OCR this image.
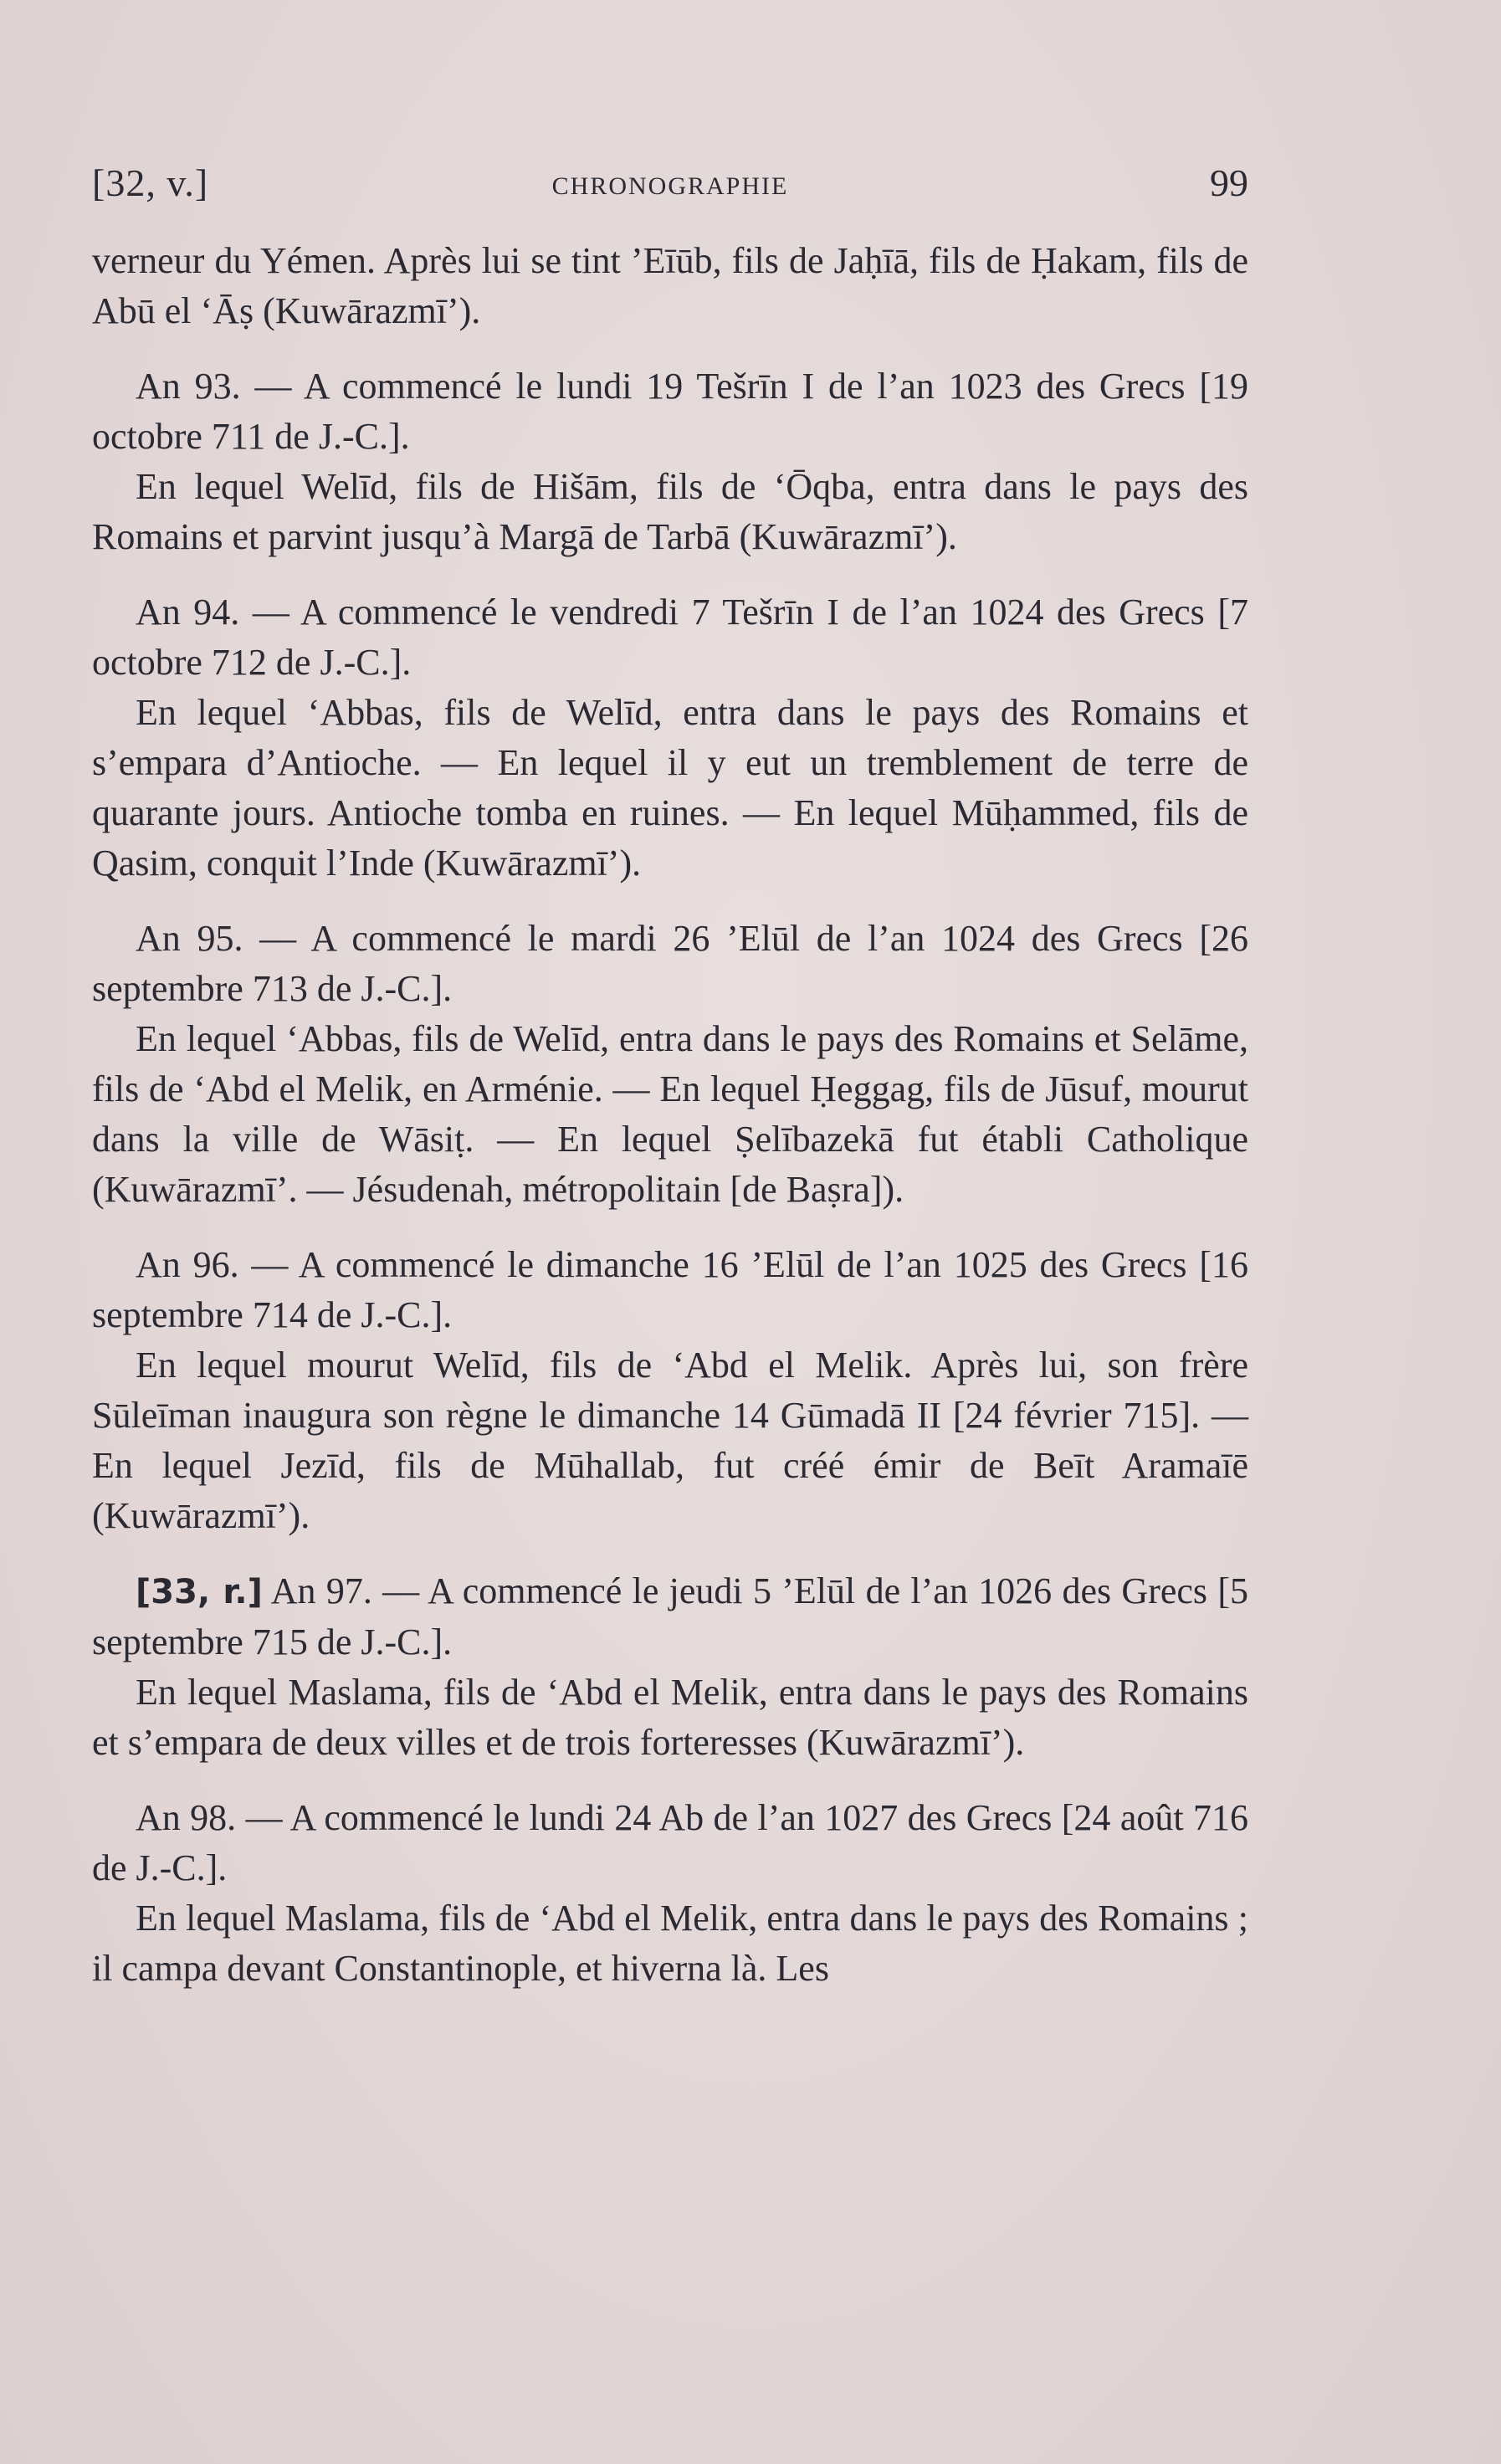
[32, v.]	CHRONOGRAPHIE	99

verneur du Yémen. Après lui se tint ’Eīūb, fils de Jaḥīā, fils de Ḥakam, fils de Abū el ‘Āṣ (Kuwārazmī’).

An 93. — A commencé le lundi 19 Tešrīn I de l’an 1023 des Grecs [19 octobre 711 de J.-C.].
En lequel Welīd, fils de Hišām, fils de ‘Ōqba, entra dans le pays des Romains et parvint jusqu’à Margā de Tarbā (Kuwārazmī’).

An 94. — A commencé le vendredi 7 Tešrīn I de l’an 1024 des Grecs [7 octobre 712 de J.-C.].
En lequel ‘Abbas, fils de Welīd, entra dans le pays des Romains et s’empara d’Antioche. — En lequel il y eut un tremblement de terre de quarante jours. Antioche tomba en ruines. — En lequel Mūḥammed, fils de Qasim, conquit l’Inde (Kuwārazmī’).

An 95. — A commencé le mardi 26 ’Elūl de l’an 1024 des Grecs [26 septembre 713 de J.-C.].
En lequel ‘Abbas, fils de Welīd, entra dans le pays des Romains et Selāme, fils de ‘Abd el Melik, en Arménie. — En lequel Ḥeggag, fils de Jūsuf, mourut dans la ville de Wāsiṭ. — En lequel Ṣelībazekā fut établi Catholique (Kuwārazmī’. — Jésudenah, métropolitain [de Baṣra]).

An 96. — A commencé le dimanche 16 ’Elūl de l’an 1025 des Grecs [16 septembre 714 de J.-C.].
En lequel mourut Welīd, fils de ‘Abd el Melik. Après lui, son frère Sūleīman inaugura son règne le dimanche 14 Gūmadā II [24 février 715]. — En lequel Jezīd, fils de Mūhallab, fut créé émir de Beīt Aramaīē (Kuwārazmī’).

[33, r.] An 97. — A commencé le jeudi 5 ’Elūl de l’an 1026 des Grecs [5 septembre 715 de J.-C.].
En lequel Maslama, fils de ‘Abd el Melik, entra dans le pays des Romains et s’empara de deux villes et de trois forteresses (Kuwārazmī’).

An 98. — A commencé le lundi 24 Ab de l’an 1027 des Grecs [24 août 716 de J.-C.].
En lequel Maslama, fils de ‘Abd el Melik, entra dans le pays des Romains ; il campa devant Constantinople, et hiverna là. Les
